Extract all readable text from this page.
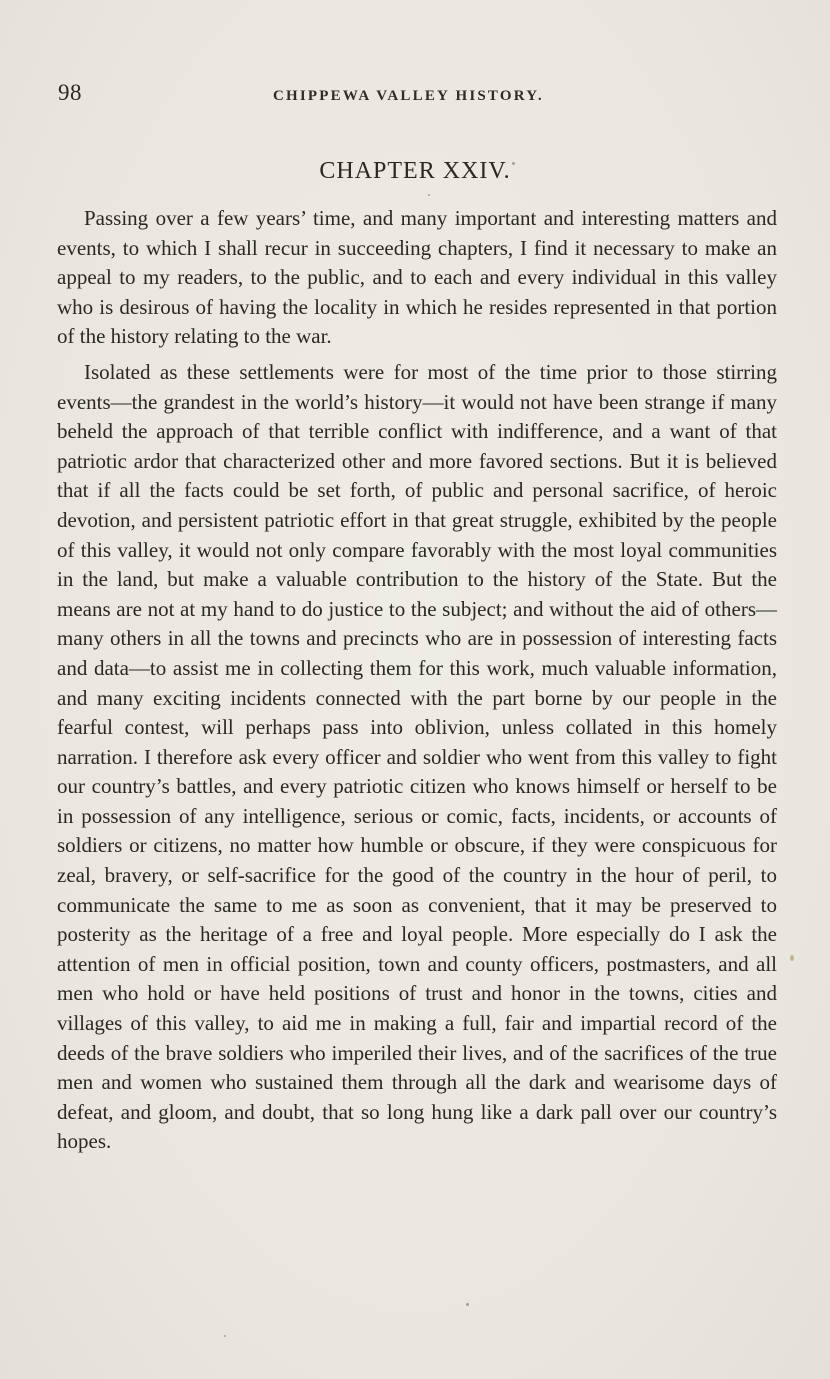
98	CHIPPEWA VALLEY HISTORY.
CHAPTER XXIV.

Passing over a few years’ time, and many important and interesting matters and events, to which I shall recur in succeeding chapters, I find it necessary to make an appeal to my readers, to the public, and to each and every individual in this valley who is desirous of having the locality in which he resides represented in that portion of the history relating to the war.

Isolated as these settlements were for most of the time prior to those stirring events—the grandest in the world’s history—it would not have been strange if many beheld the approach of that terrible conflict with indifference, and a want of that patriotic ardor that characterized other and more favored sections. But it is believed that if all the facts could be set forth, of public and personal sacrifice, of heroic devotion, and persistent patriotic effort in that great struggle, exhibited by the people of this valley, it would not only compare favorably with the most loyal communities in the land, but make a valuable contribution to the history of the State. But the means are not at my hand to do justice to the subject; and without the aid of others—many others in all the towns and precincts who are in possession of interesting facts and data—to assist me in collecting them for this work, much valuable information, and many exciting incidents connected with the part borne by our people in the fearful contest, will perhaps pass into oblivion, unless collated in this homely narration. I therefore ask every officer and soldier who went from this valley to fight our country’s battles, and every patriotic citizen who knows himself or herself to be in possession of any intelligence, serious or comic, facts, incidents, or accounts of soldiers or citizens, no matter how humble or obscure, if they were conspicuous for zeal, bravery, or self-sacrifice for the good of the country in the hour of peril, to communicate the same to me as soon as convenient, that it may be preserved to posterity as the heritage of a free and loyal people. More especially do I ask the attention of men in official position, town and county officers, postmasters, and all men who hold or have held positions of trust and honor in the towns, cities and villages of this valley, to aid me in making a full, fair and impartial record of the deeds of the brave soldiers who imperiled their lives, and of the sacrifices of the true men and women who sustained them through all the dark and wearisome days of defeat, and gloom, and doubt, that so long hung like a dark pall over our country’s hopes.
